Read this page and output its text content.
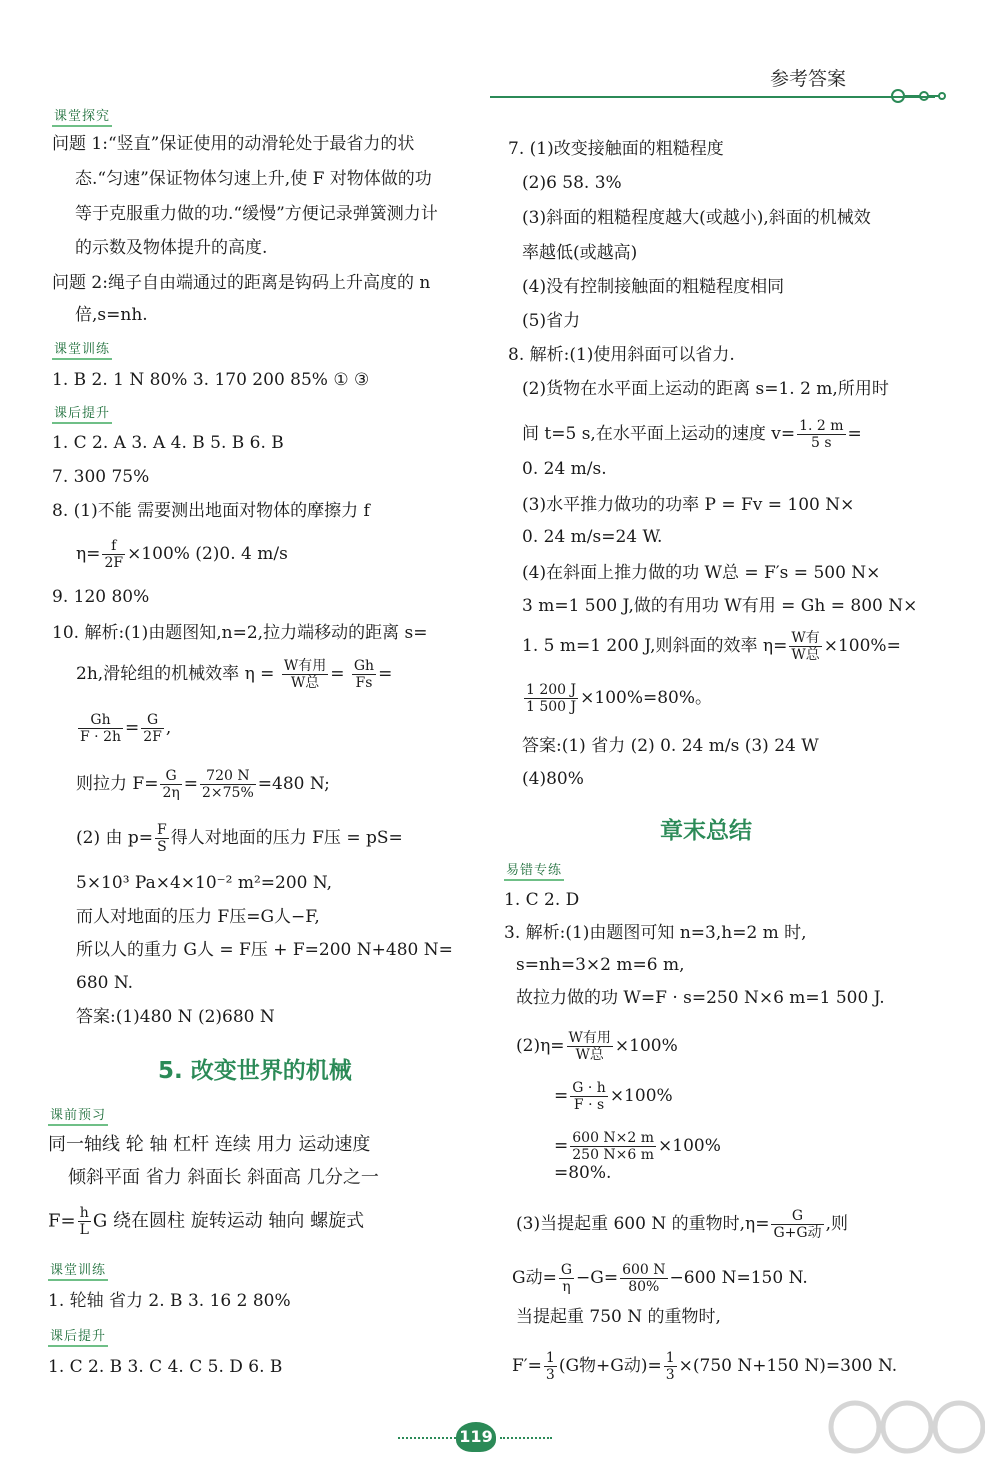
参考答案
课堂探究
问题 1:“竖直”保证使用的动滑轮处于最省力的状
态.“匀速”保证物体匀速上升,使 F 对物体做的功
等于克服重力做的功.“缓慢”方便记录弹簧测力计
的示数及物体提升的高度.
问题 2:绳子自由端通过的距离是钩码上升高度的 n
倍,s=nh.
课堂训练
1. B 2. 1 N 80% 3. 170 200 85% ① ③
课后提升
1. C 2. A 3. A 4. B 5. B 6. B
7. 300 75%
8. (1)不能 需要测出地面对物体的摩擦力 f
$\eta= \frac{f}{2F} \times 100\%$ (2)0. 4 m/s
9. 120 80%
10. 解析:(1)由题图知,n=2,拉力端移动的距离 s=
2h,滑轮组的机械效率 $\eta = \frac{\text{W有用}}{\text{W总}} = \frac{Gh}{Fs}$ =
$\frac{Gh}{F \cdot 2h} = \frac{G}{2F}$ ,
则拉力 $F= \frac{G}{2\eta} = \frac{720 N}{2\times 75\%} =480$ N;
(2) 由 $p= \frac{F}{S}$ 得人对地面的压力 F压 = pS=
5×10³ Pa×4×10⁻² m²=200 N,
而人对地面的压力 F压=G人−F,
所以人的重力 G人 = F压 + F=200 N+480 N=
680 N.
答案:(1)480 N (2)680 N
5. 改变世界的机械
课前预习
同一轴线 轮 轴 杠杆 连续 用力 运动速度
倾斜平面 省力 斜面长 斜面高 几分之一
$F= \frac{h}{L}$ G 绕在圆柱 旋转运动 轴向 螺旋式
课堂训练
1. 轮轴 省力 2. B 3. 16 2 80%
课后提升
1. C 2. B 3. C 4. C 5. D 6. B
7. (1)改变接触面的粗糙程度
(2)6 58. 3%
(3)斜面的粗糙程度越大(或越小),斜面的机械效
率越低(或越高)
(4)没有控制接触面的粗糙程度相同
(5)省力
8. 解析:(1)使用斜面可以省力.
(2)货物在水平面上运动的距离 s=1. 2 m,所用时
间 t=5 s,在水平面上运动的速度 $v= \frac{1. 2 m}{5 s}$ =
0. 24 m/s.
(3)水平推力做功的功率 P = Fv = 100 N×
0. 24 m/s=24 W.
(4)在斜面上推力做的功 W总 = F′s = 500 N×
3 m=1 500 J,做的有用功 W有用 = Gh = 800 N×
1. 5 m=1 200 J,则斜面的效率 $\eta= \frac{\text{W有}}{\text{W总}} \times 100\%=$
$\frac{1 200 J}{1 500 J} \times 100\%=80\%$。
答案:(1) 省力 (2) 0. 24 m/s (3) 24 W
(4)80%
章末总结
易错专练
1. C 2. D
3. 解析:(1)由题图可知 n=3,h=2 m 时,
s=nh=3×2 m=6 m,
故拉力做的功 W=F · s=250 N×6 m=1 500 J.
$(2)\eta= \frac{\text{W有用}}{\text{W总}} \times 100\%$
= $\frac{G \cdot h}{F \cdot s} \times 100\%$
= $\frac{600 N\times 2 m}{250 N\times 6 m} \times 100\%$
=80%.
(3)当提起重 600 N 的重物时$,\eta= \frac{G}{\text{G+G动}}$ ,则
G动= $\frac{G}{\eta} -G= \frac{600 N}{80\%} -600$ N=150 N.
当提起重 750 N 的重物时,
$F'= \frac{1}{3} (G$物+G动)= $\frac{1}{3} \times(750$ N+150 N)=300 N.
119
